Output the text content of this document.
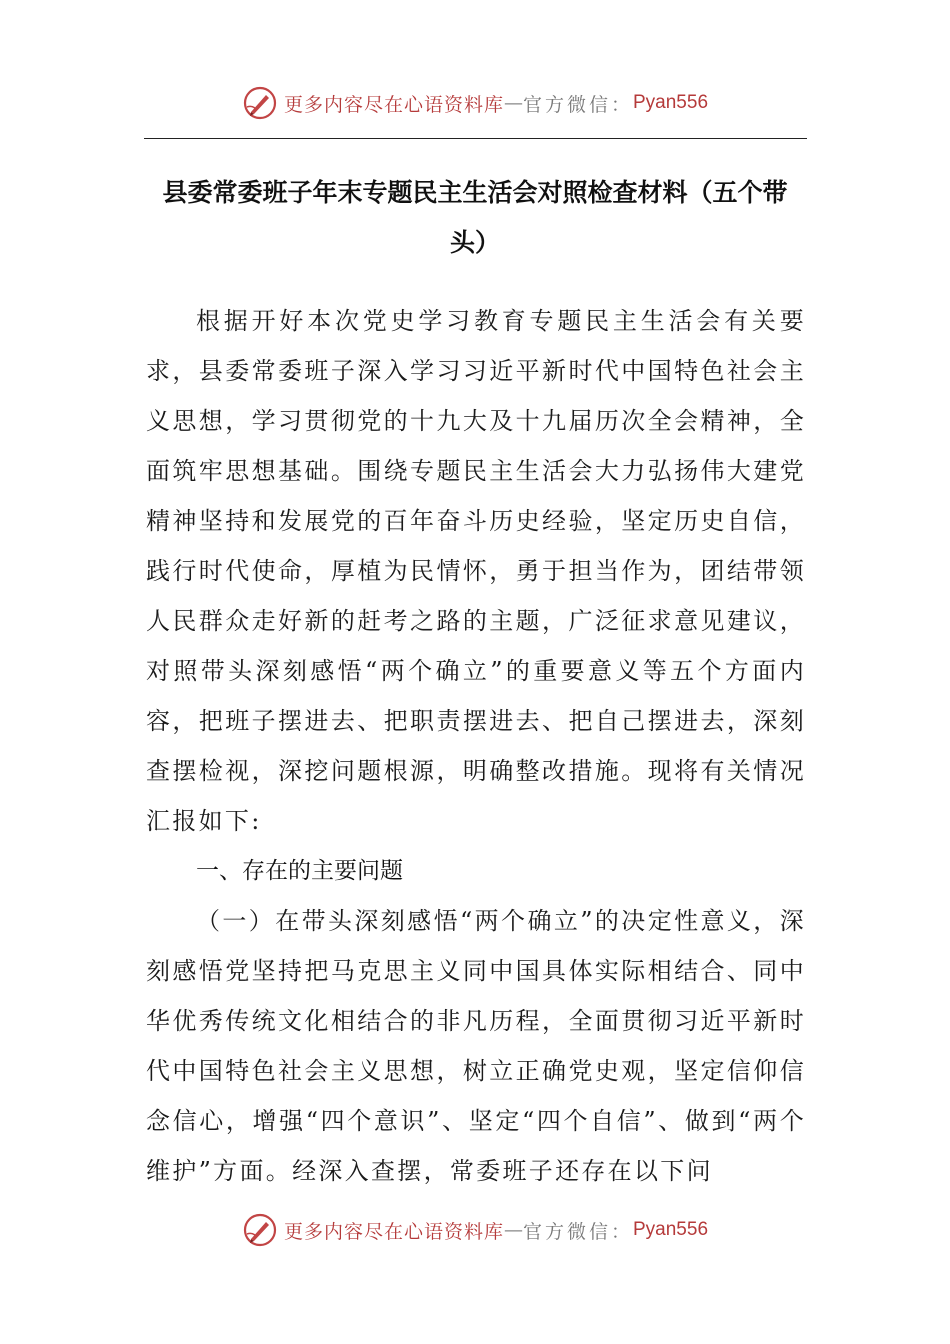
更多内容尽在心语资料库 — 官方微信： Pyan556
县委常委班子年末专题民主生活会对照检查材料（五个带头）

根据开好本次党史学习教育专题民主生活会有关要求，县委常委班子深入学习习近平新时代中国特色社会主义思想，学习贯彻党的十九大及十九届历次全会精神，全面筑牢思想基础。围绕专题民主生活会大力弘扬伟大建党精神坚持和发展党的百年奋斗历史经验，坚定历史自信，践行时代使命，厚植为民情怀，勇于担当作为，团结带领人民群众走好新的赶考之路的主题，广泛征求意见建议，对照带头深刻感悟“两个确立”的重要意义等五个方面内容，把班子摆进去、把职责摆进去、把自己摆进去，深刻查摆检视，深挖问题根源，明确整改措施。现将有关情况汇报如下:

一、存在的主要问题

（一）在带头深刻感悟“两个确立”的决定性意义，深刻感悟党坚持把马克思主义同中国具体实际相结合、同中华优秀传统文化相结合的非凡历程，全面贯彻习近平新时代中国特色社会主义思想，树立正确党史观，坚定信仰信念信心，增强“四个意识”、坚定“四个自信”、做到“两个维护”方面。经深入查摆，常委班子还存在以下问

更多内容尽在心语资料库 — 官方微信： Pyan556
